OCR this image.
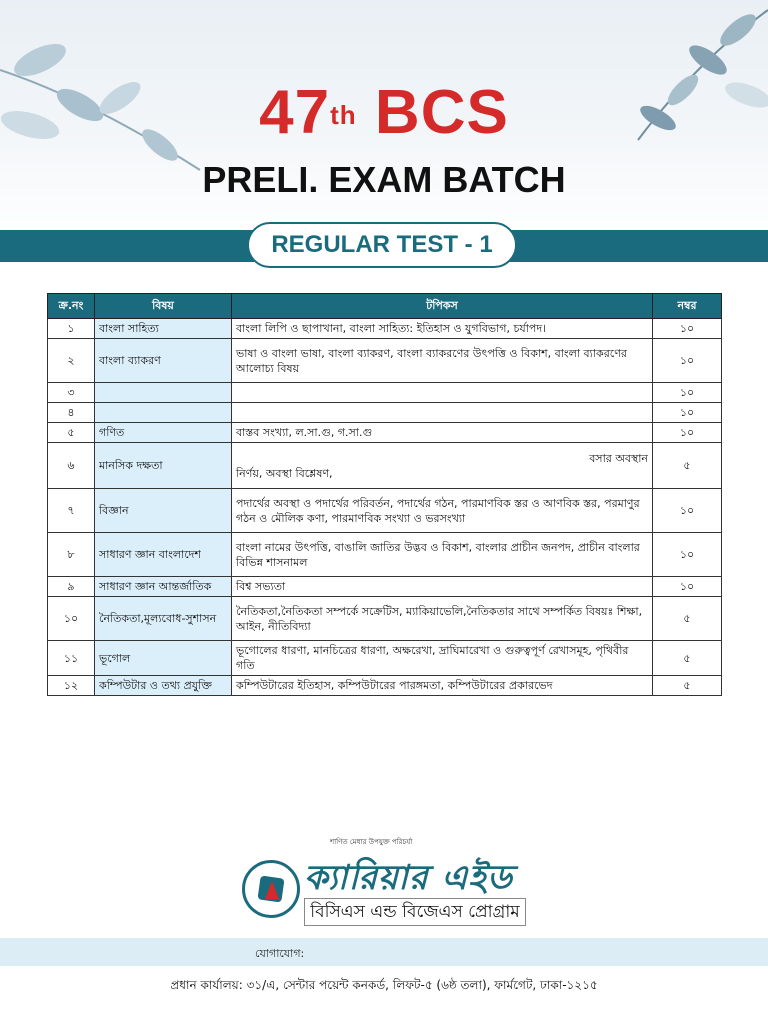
47th BCS
PRELI. EXAM BATCH
REGULAR TEST - 1
ক্র.নং	বিষয়	টপিকস	নম্বর
১	বাংলা সাহিত্য	বাংলা লিপি ও ছাপাখানা, বাংলা সাহিত্য: ইতিহাস ও যুগবিভাগ, চর্যাপদ।	১০
২	বাংলা ব্যাকরণ	ভাষা ও বাংলা ভাষা, বাংলা ব্যাকরণ, বাংলা ব্যাকরণের উৎপত্তি ও বিকাশ, বাংলা ব্যাকরণের আলোচ্য বিষয়	১০
৩			১০
৪			১০
৫	গণিত	বাস্তব সংখ্যা, ল.সা.গু, গ.সা.গু	১০
৬	মানসিক দক্ষতা	বসার অবস্থান
নির্ণয়, অবস্থা বিশ্লেষণ,	৫
৭	বিজ্ঞান	পদার্থের অবস্থা ও পদার্থের পরিবর্তন, পদার্থের গঠন, পারমাণবিক স্তর ও আণবিক স্তর, পরমাণুর গঠন ও মৌলিক কণা, পারমাণবিক সংখ্যা ও ভরসংখ্যা	১০
৮	সাধারণ জ্ঞান বাংলাদেশ	বাংলা নামের উৎপত্তি, বাঙালি জাতির উদ্ভব ও বিকাশ, বাংলার প্রাচীন জনপদ, প্রাচীন বাংলার বিভিন্ন শাসনামল	১০
৯	সাধারণ জ্ঞান আন্তর্জাতিক	বিশ্ব সভ্যতা	১০
১০	নৈতিকতা,মূল্যবোধ-সুশাসন	নৈতিকতা,নৈতিকতা সম্পর্কে সক্রেটিস, ম্যাকিয়াভেলি,নৈতিকতার সাথে সম্পর্কিত বিষয়ঃ শিক্ষা, আইন, নীতিবিদ্যা	৫
১১	ভূগোল	ভূগোলের ধারণা, মানচিত্রের ধারণা, অক্ষরেখা, দ্রাঘিমারেখা ও গুরুত্বপূর্ণ রেখাসমূহ, পৃথিবীর গতি	৫
১২	কম্পিউটার ও তথ্য প্রযুক্তি	কম্পিউটারের ইতিহাস, কম্পিউটারের পারঙ্গমতা, কম্পিউটারের প্রকারভেদ	৫
শাণিত মেধার উপযুক্ত পরিচর্যা
ক্যারিয়ার এইড
বিসিএস এন্ড বিজেএস প্রোগ্রাম
যোগাযোগ:
প্রধান কার্যালয়: ৩১/এ, সেন্টার পয়েন্ট কনকর্ড, লিফট-৫ (৬ষ্ঠ তলা), ফার্মগেট, ঢাকা-১২১৫
